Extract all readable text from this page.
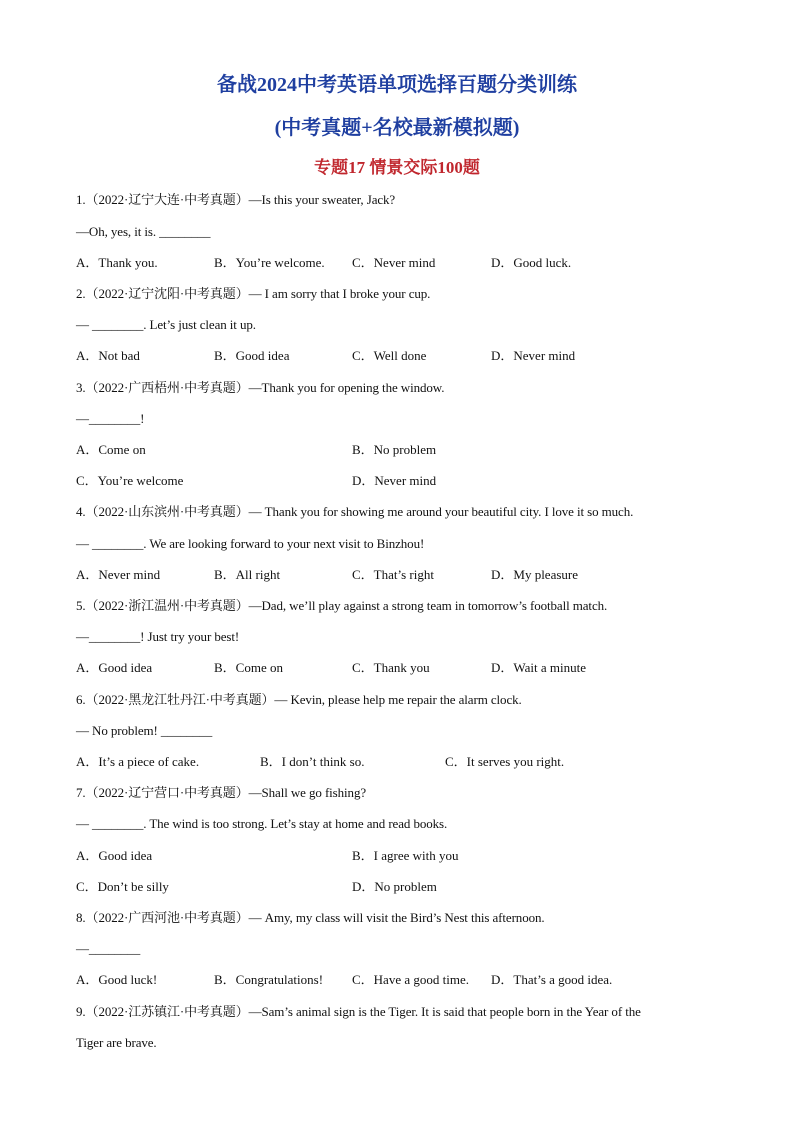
备战2024中考英语单项选择百题分类训练
(中考真题+名校最新模拟题)
专题17 情景交际100题
1.（2022·辽宁大连·中考真题）—Is this your sweater, Jack?
—Oh, yes, it is. ________
A．Thank you.	B．You’re welcome. C．Never mind	D．Good luck.
2.（2022·辽宁沈阳·中考真题）— I am sorry that I broke your cup.
— ________. Let’s just clean it up.
A．Not bad	B．Good idea	C．Well done	D．Never mind
3.（2022·广西梧州·中考真题）—Thank you for opening the window.
—________!
A．Come on	B．No problem
C．You’re welcome	D．Never mind
4.（2022·山东滨州·中考真题）— Thank you for showing me around your beautiful city. I love it so much.
— ________. We are looking forward to your next visit to Binzhou!
A．Never mind	B．All right	C．That’s right	D．My pleasure
5.（2022·浙江温州·中考真题）—Dad, we’ll play against a strong team in tomorrow’s football match.
—________! Just try your best!
A．Good idea	B．Come on	C．Thank you	D．Wait a minute
6.（2022·黑龙江牡丹江·中考真题）— Kevin, please help me repair the alarm clock.
— No problem! ________
A．It’s a piece of cake.	B．I don’t think so.	C．It serves you right.
7.（2022·辽宁营口·中考真题）—Shall we go fishing?
— ________. The wind is too strong. Let’s stay at home and read books.
A．Good idea	B．I agree with you
C．Don’t be silly	D．No problem
8.（2022·广西河池·中考真题）— Amy, my class will visit the Bird’s Nest this afternoon.
—________
A．Good luck!	B．Congratulations! C．Have a good time. D．That’s a good idea.
9.（2022·江苏镇江·中考真题）—Sam’s animal sign is the Tiger. It is said that people born in the Year of the
Tiger are brave.
